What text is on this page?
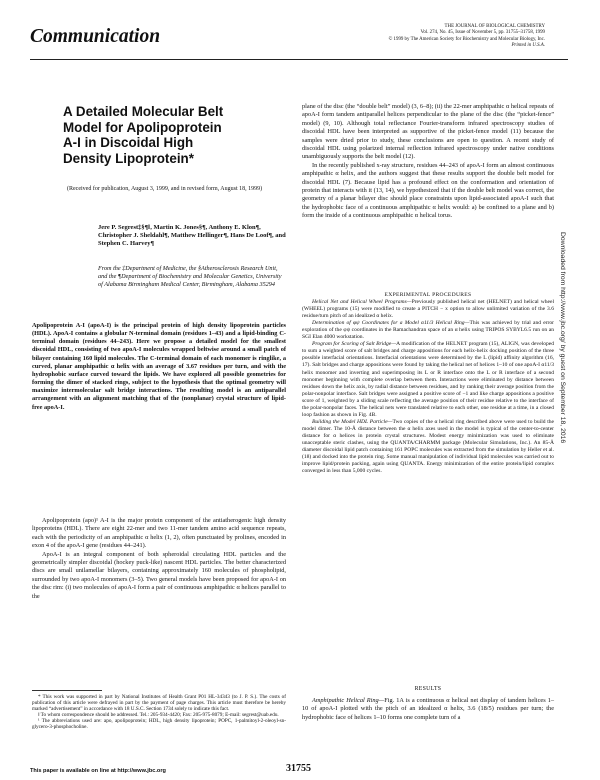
Communication	THE JOURNAL OF BIOLOGICAL CHEMISTRY
Vol. 274, No. 45, Issue of November 5, pp. 31755–31758, 1999
© 1999 by The American Society for Biochemistry and Molecular Biology, Inc.
Printed in U.S.A.
A Detailed Molecular Belt
Model for Apolipoprotein
A-I in Discoidal High
Density Lipoprotein*
(Received for publication, August 3, 1999, and in revised form, August 18, 1999)
Jere P. Segrest‡§¶‖, Martin K. Jones§¶, Anthony E. Klon¶, Christopher J. Sheldahl¶, Matthew Hellinger¶, Hans De Loof¶, and Stephen C. Harvey¶
From the ‡Department of Medicine, the §Atherosclerosis Research Unit, and the ¶Department of Biochemistry and Molecular Genetics, University of Alabama Birmingham Medical Center, Birmingham, Alabama 35294
Apolipoprotein A-I (apoA-I) is the principal protein of high density lipoprotein particles (HDL). ApoA-I contains a globular N-terminal domain (residues 1–43) and a lipid-binding C-terminal domain (residues 44–243). Here we propose a detailed model for the smallest discoidal HDL, consisting of two apoA-I molecules wrapped beltwise around a small patch of bilayer containing 160 lipid molecules. The C-terminal domain of each monomer is ringlike, a curved, planar amphipathic α helix with an average of 3.67 residues per turn, and with the hydrophobic surface curved toward the lipids. We have explored all possible geometries for forming the dimer of stacked rings, subject to the hypothesis that the optimal geometry will maximize intermolecular salt bridge interactions. The resulting model is an antiparallel arrangement with an alignment matching that of the (nonplanar) crystal structure of lipid-free apoA-I.

Apolipoprotein (apo)¹ A-I is the major protein component of the antiatherogenic high density lipoproteins (HDL). There are eight 22-mer and two 11-mer tandem amino acid sequence repeats, each with the periodicity of an amphipathic α helix (1, 2), often punctuated by prolines, encoded in exon 4 of the apoA-I gene (residues 44–241).

ApoA-I is an integral component of both spheroidal circulating HDL particles and the geometrically simpler discoidal (hockey puck-like) nascent HDL particles. The better characterized discs are small unilamellar bilayers, containing approximately 160 molecules of phospholipid, surrounded by two apoA-I monomers (3–5). Two general models have been proposed for apoA-I on the disc rim: (i) two molecules of apoA-I form a pair of continuous amphipathic α helices parallel to the

* This work was supported in part by National Institutes of Health Grant P01 HL-34343 (to J. P. S.). The costs of publication of this article were defrayed in part by the payment of page charges. This article must therefore be hereby marked “advertisement” in accordance with 18 U.S.C. Section 1734 solely to indicate this fact.
‖ To whom correspondence should be addressed. Tel.: 205-934-4420; Fax: 205-975-8079; E-mail: segrest@uab.edu.
¹ The abbreviations used are: apo, apolipoprotein; HDL, high density lipoprotein; POPC, 1-palmitoyl-2-oleoyl-sn-glycero-3-phosphocholine.

plane of the disc (the “double belt” model) (3, 6–8); (ii) the 22-mer amphipathic α helical repeats of apoA-I form tandem antiparallel helices perpendicular to the plane of the disc (the “picket-fence” model) (9, 10). Although total reflectance Fourier-transform infrared spectroscopy studies of discoidal HDL have been interpreted as supportive of the picket-fence model (11) because the samples were dried prior to study, these conclusions are open to question. A recent study of discoidal HDL using polarized internal reflection infrared spectroscopy under native conditions unambiguously supports the belt model (12).

In the recently published x-ray structure, residues 44–243 of apoA-I form an almost continuous amphipathic α helix, and the authors suggest that these results support the double belt model for discoidal HDL (7). Because lipid has a profound effect on the conformation and orientation of protein that interacts with it (13, 14), we hypothesized that if the double belt model was correct, the geometry of a planar bilayer disc should place constraints upon lipid-associated apoA-I such that the hydrophobic face of a continuous amphipathic α helix would: a) be confined to a plane and b) form the inside of a continuous amphipathic α helical torus.

EXPERIMENTAL PROCEDURES

Helical Net and Helical Wheel Programs—Previously published helical net (HELNET) and helical wheel (WHEEL) programs (15) were modified to create a PITCH − x option to allow unlimited variation of the 3.6 residue/turn pitch of an idealized α helix.

Determination of φψ Coordinates for a Model α11/3 Helical Ring—This was achieved by trial and error exploration of the φψ coordinates in the Ramachandran space of an α helix using TRIPOS SYBYL6.5 run on an SGI Elan 4000 workstation.

Program for Scoring of Salt Bridge—A modification of the HELNET program (15), ALIGN, was developed to sum a weighted score of salt bridges and charge appositions for each helix-helix docking position of the three possible interfacial orientations. Interfacial orientations were determined by the L (lipid) affinity algorithm (16, 17). Salt bridges and charge appositions were found by taking the helical net of helices 1–10 of one apoA-I α11/3 helix monomer and inverting and superimposing its L or R interface onto the L or R interface of a second monomer beginning with complete overlap between them. Interactions were eliminated by distance between residues down the helix axis, by radial distance between residues, and by ranking their average position from the polar-nonpolar interface. Salt bridges were assigned a positive score of −1 and like charge appositions a positive score of 1, weighted by a sliding scale reflecting the average position of their residue relative to the interface of the polar-nonpolar faces. The helical nets were translated relative to each other, one residue at a time, in a closed loop fashion as shown in Fig. 4B.

Building the Model HDL Particle—Two copies of the α helical ring described above were used to build the model dimer. The 10-Å distance between the α helix axes used in the model is typical of the center-to-center distance for α helices in protein crystal structures. Modest energy minimization was used to eliminate unacceptable steric clashes, using the QUANTA/CHARMM package (Molecular Simulations, Inc.). An 85-Å diameter discoidal lipid patch containing 161 POPC molecules was extracted from the simulation by Heller et al. (18) and docked into the protein ring. Some manual manipulation of individual lipid molecules was carried out to improve lipid/protein packing, again using QUANTA. Energy minimization of the entire protein/lipid complex converged in less than 5,000 cycles.

RESULTS

Amphipathic Helical Ring—Fig. 1A is a continuous α helical net display of tandem helices 1–10 of apoA-I plotted with the pitch of an idealized α helix, 3.6 (18/5) residues per turn; the hydrophobic face of helices 1–10 forms one complete turn of a

This paper is available on line at http://www.jbc.org	31755
Downloaded from http://www.jbc.org/ by guest on September 18, 2016
